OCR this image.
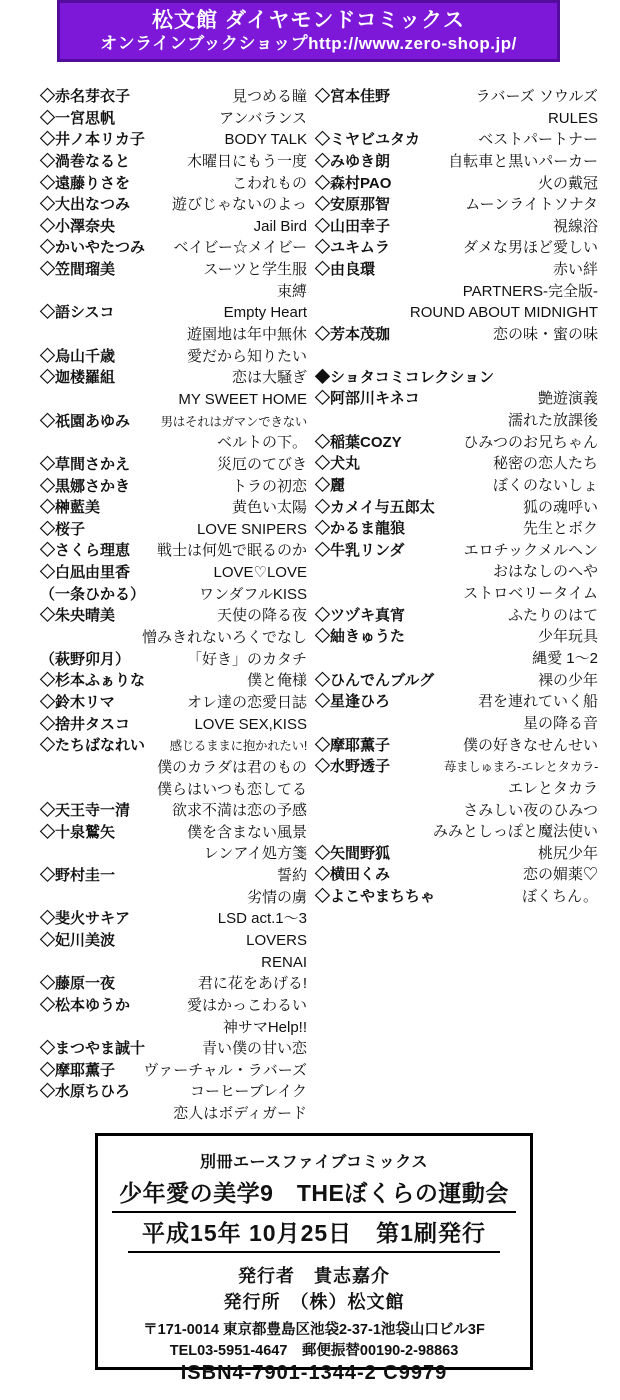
松文館 ダイヤモンドコミックス
オンラインブックショップhttp://www.zero-shop.jp/
◇赤名芽衣子	見つめる瞳
◇一宮思帆	アンバランス
◇井ノ本リカ子	BODY TALK
◇渦巻なると	木曜日にもう一度
◇遠藤りさを	こわれもの
◇大出なつみ	遊びじゃないのよっ
◇小澤奈央	Jail Bird
◇かいやたつみ	ベイビー☆メイビー
◇笠間瑠美	スーツと学生服
束縛
◇語シスコ	Empty Heart
遊園地は年中無休
◇烏山千歳	愛だから知りたい
◇迦楼羅組	恋は大騒ぎ
MY SWEET HOME
◇祇園あゆみ	男はそれはガマンできない
ベルトの下。
◇草間さかえ	災厄のてびき
◇黒娜さかき	トラの初恋
◇榊藍美	黄色い太陽
◇桜子	LOVE SNIPERS
◇さくら理恵	戦士は何処で眠るのか
◇白凪由里香	LOVE♡LOVE
（一条ひかる）	ワンダフルKISS
◇朱央晴美	天使の降る夜
憎みきれないろくでなし
（萩野卯月）	「好き」のカタチ
◇杉本ふぁりな	僕と俺様
◇鈴木リマ	オレ達の恋愛日誌
◇捨井タスコ	LOVE SEX,KISS
◇たちばなれい	感じるままに抱かれたい!
僕のカラダは君のもの
僕らはいつも恋してる
◇天王寺一清	欲求不満は恋の予感
◇十泉鷲矢	僕を含まない風景
レンアイ処方箋
◇野村圭一	誓約
劣情の虜
◇斐火サキア	LSD act.1〜3
◇妃川美波	LOVERS
RENAI
◇藤原一夜	君に花をあげる!
◇松本ゆうか	愛はかっこわるい
神サマHelp!!
◇まつやま誠十	青い僕の甘い恋
◇摩耶薫子	ヴァーチャル・ラバーズ
◇水原ちひろ	コーヒーブレイク
恋人はボディガード
◇宮本佳野	ラバーズ ソウルズ
RULES
◇ミヤビユタカ	ベストパートナー
◇みゆき朗	自転車と黒いパーカー
◇森村PAO	火の戴冠
◇安原那智	ムーンライトソナタ
◇山田幸子	視線浴
◇ユキムラ	ダメな男ほど愛しい
◇由良環	赤い絆
PARTNERS-完全版-
ROUND ABOUT MIDNIGHT
◇芳本茂珈	恋の味・蜜の味
◆ショタコミコレクション
◇阿部川キネコ	艶遊演義
濡れた放課後
◇稲葉COZY	ひみつのお兄ちゃん
◇犬丸	秘密の恋人たち
◇麗	ぼくのないしょ
◇カメイ与五郎太	狐の魂呼い
◇かるま龍狼	先生とボク
◇牛乳リンダ	エロチックメルヘン
おはなしのへや
ストロベリータイム
◇ツヅキ真宵	ふたりのはて
◇紬きゅうた	少年玩具
縄愛 1〜2
◇ひんでんブルグ	裸の少年
◇星逢ひろ	君を連れていく船
星の降る音
◇摩耶薫子	僕の好きなせんせい
◇水野透子	苺ましゅまろ-エレとタカラ-
エレとタカラ
さみしい夜のひみつ
みみとしっぽと魔法使い
◇矢間野狐	桃尻少年
◇横田くみ	恋の媚薬♡
◇よこやまちちゃ	ぼくちん。
別冊エースファイブコミックス
少年愛の美学9　THEぼくらの運動会
平成15年 10月25日　第1刷発行
発行者　貴志嘉介
発行所　（株）松文館
〒171-0014 東京都豊島区池袋2-37-1池袋山口ビル3F
TEL03-5951-4647　郵便振替00190-2-98863
ISBN4-7901-1344-2 C9979
